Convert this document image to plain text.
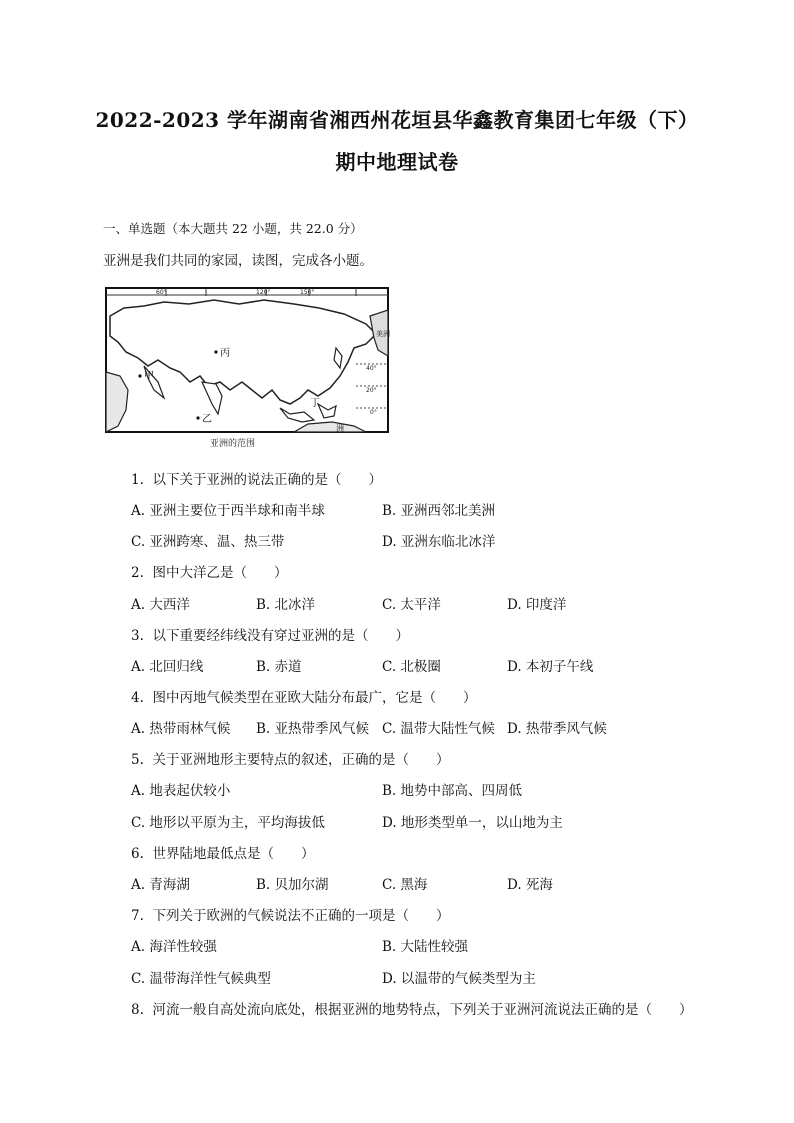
2022-2023 学年湖南省湘西州花垣县华鑫教育集团七年级（下）
期中地理试卷
一、单选题（本大题共 22 小题，共 22.0 分）
亚洲是我们共同的家园，读图，完成各小题。
60°	120°	150°
40°
20°
0°
丙
甲
乙
丁
美洲
洲
亚洲的范围
1. 以下关于亚洲的说法正确的是（　　）
A. 亚洲主要位于西半球和南半球	B. 亚洲西邻北美洲
C. 亚洲跨寒、温、热三带	D. 亚洲东临北冰洋
2. 图中大洋乙是（　　）
A. 大西洋	B. 北冰洋	C. 太平洋	D. 印度洋
3. 以下重要经纬线没有穿过亚洲的是（　　）
A. 北回归线	B. 赤道	C. 北极圈	D. 本初子午线
4. 图中丙地气候类型在亚欧大陆分布最广，它是（　　）
A. 热带雨林气候 B. 亚热带季风气候 C. 温带大陆性气候 D. 热带季风气候
5. 关于亚洲地形主要特点的叙述，正确的是（　　）
A. 地表起伏较小	B. 地势中部高、四周低
C. 地形以平原为主，平均海拔低	D. 地形类型单一，以山地为主
6. 世界陆地最低点是（　　）
A. 青海湖	B. 贝加尔湖	C. 黑海	D. 死海
7. 下列关于欧洲的气候说法不正确的一项是（　　）
A. 海洋性较强	B. 大陆性较强
C. 温带海洋性气候典型	D. 以温带的气候类型为主
8. 河流一般自高处流向底处，根据亚洲的地势特点，下列关于亚洲河流说法正确的是（　　）
